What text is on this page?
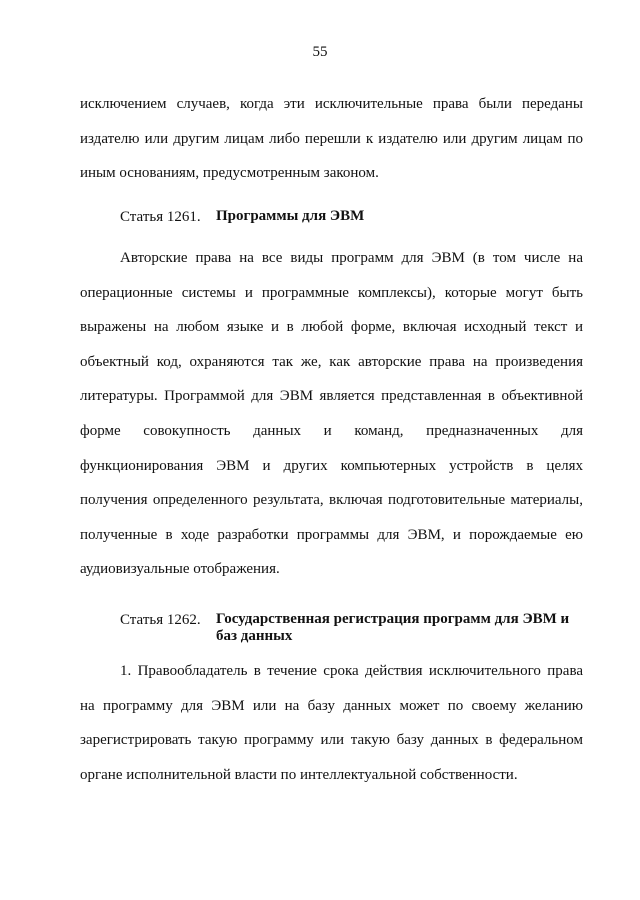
55

исключением случаев, когда эти исключительные права были переданы издателю или другим лицам либо перешли к издателю или другим лицам по иным основаниям, предусмотренным законом.

Статья 1261.	Программы для ЭВМ

Авторские права на все виды программ для ЭВМ (в том числе на операционные системы и программные комплексы), которые могут быть выражены на любом языке и в любой форме, включая исходный текст и объектный код, охраняются так же, как авторские права на произведения литературы. Программой для ЭВМ является представленная в объективной форме совокупность данных и команд, предназначенных для функционирования ЭВМ и других компьютерных устройств в целях получения определенного результата, включая подготовительные материалы, полученные в ходе разработки программы для ЭВМ, и порождаемые ею аудиовизуальные отображения.

Статья 1262.	Государственная регистрация программ для ЭВМ и баз данных

1. Правообладатель в течение срока действия исключительного права на программу для ЭВМ или на базу данных может по своему желанию зарегистрировать такую программу или такую базу данных в федеральном органе исполнительной власти по интеллектуальной собственности.
